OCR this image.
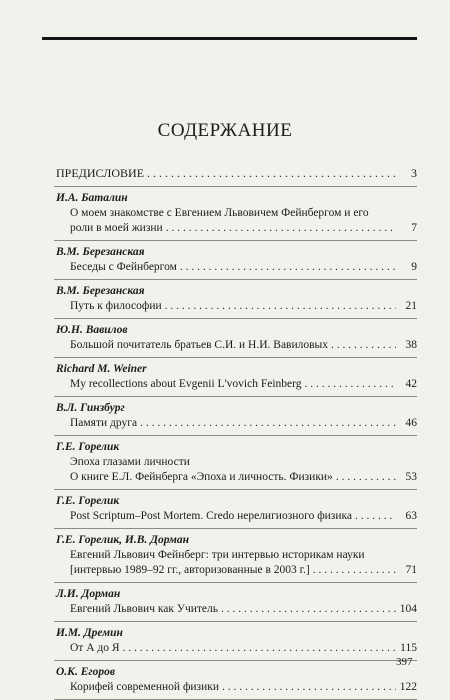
СОДЕРЖАНИЕ
ПРЕДИСЛОВИЕ . . .	3
И.А. Баталин
О моем знакомстве с Евгением Львовичем Фейнбергом и его
роли в моей жизни . . .	7
В.М. Березанская
Беседы с Фейнбергом . . .	9
В.М. Березанская
Путь к философии . . .	21
Ю.Н. Вавилов
Большой почитатель братьев С.И. и Н.И. Вавиловых . . .	38
Richard M. Weiner
My recollections about Evgenii L'vovich Feinberg . . .	42
В.Л. Гинзбург
Памяти друга . . .	46
Г.Е. Горелик
Эпоха глазами личности
О книге Е.Л. Фейнберга «Эпоха и личность. Физики» . . .	53
Г.Е. Горелик
Post Scriptum–Post Mortem. Credo нерелигиозного физика . . .	63
Г.Е. Горелик, И.В. Дорман
Евгений Львович Фейнберг: три интервью историкам науки
[интервью 1989–92 гг., авторизованные в 2003 г.] . . .	71
Л.И. Дорман
Евгений Львович как Учитель . . .	104
И.М. Дремин
От А до Я . . .	115
О.К. Егоров
Корифей современной физики . . .	122
397
